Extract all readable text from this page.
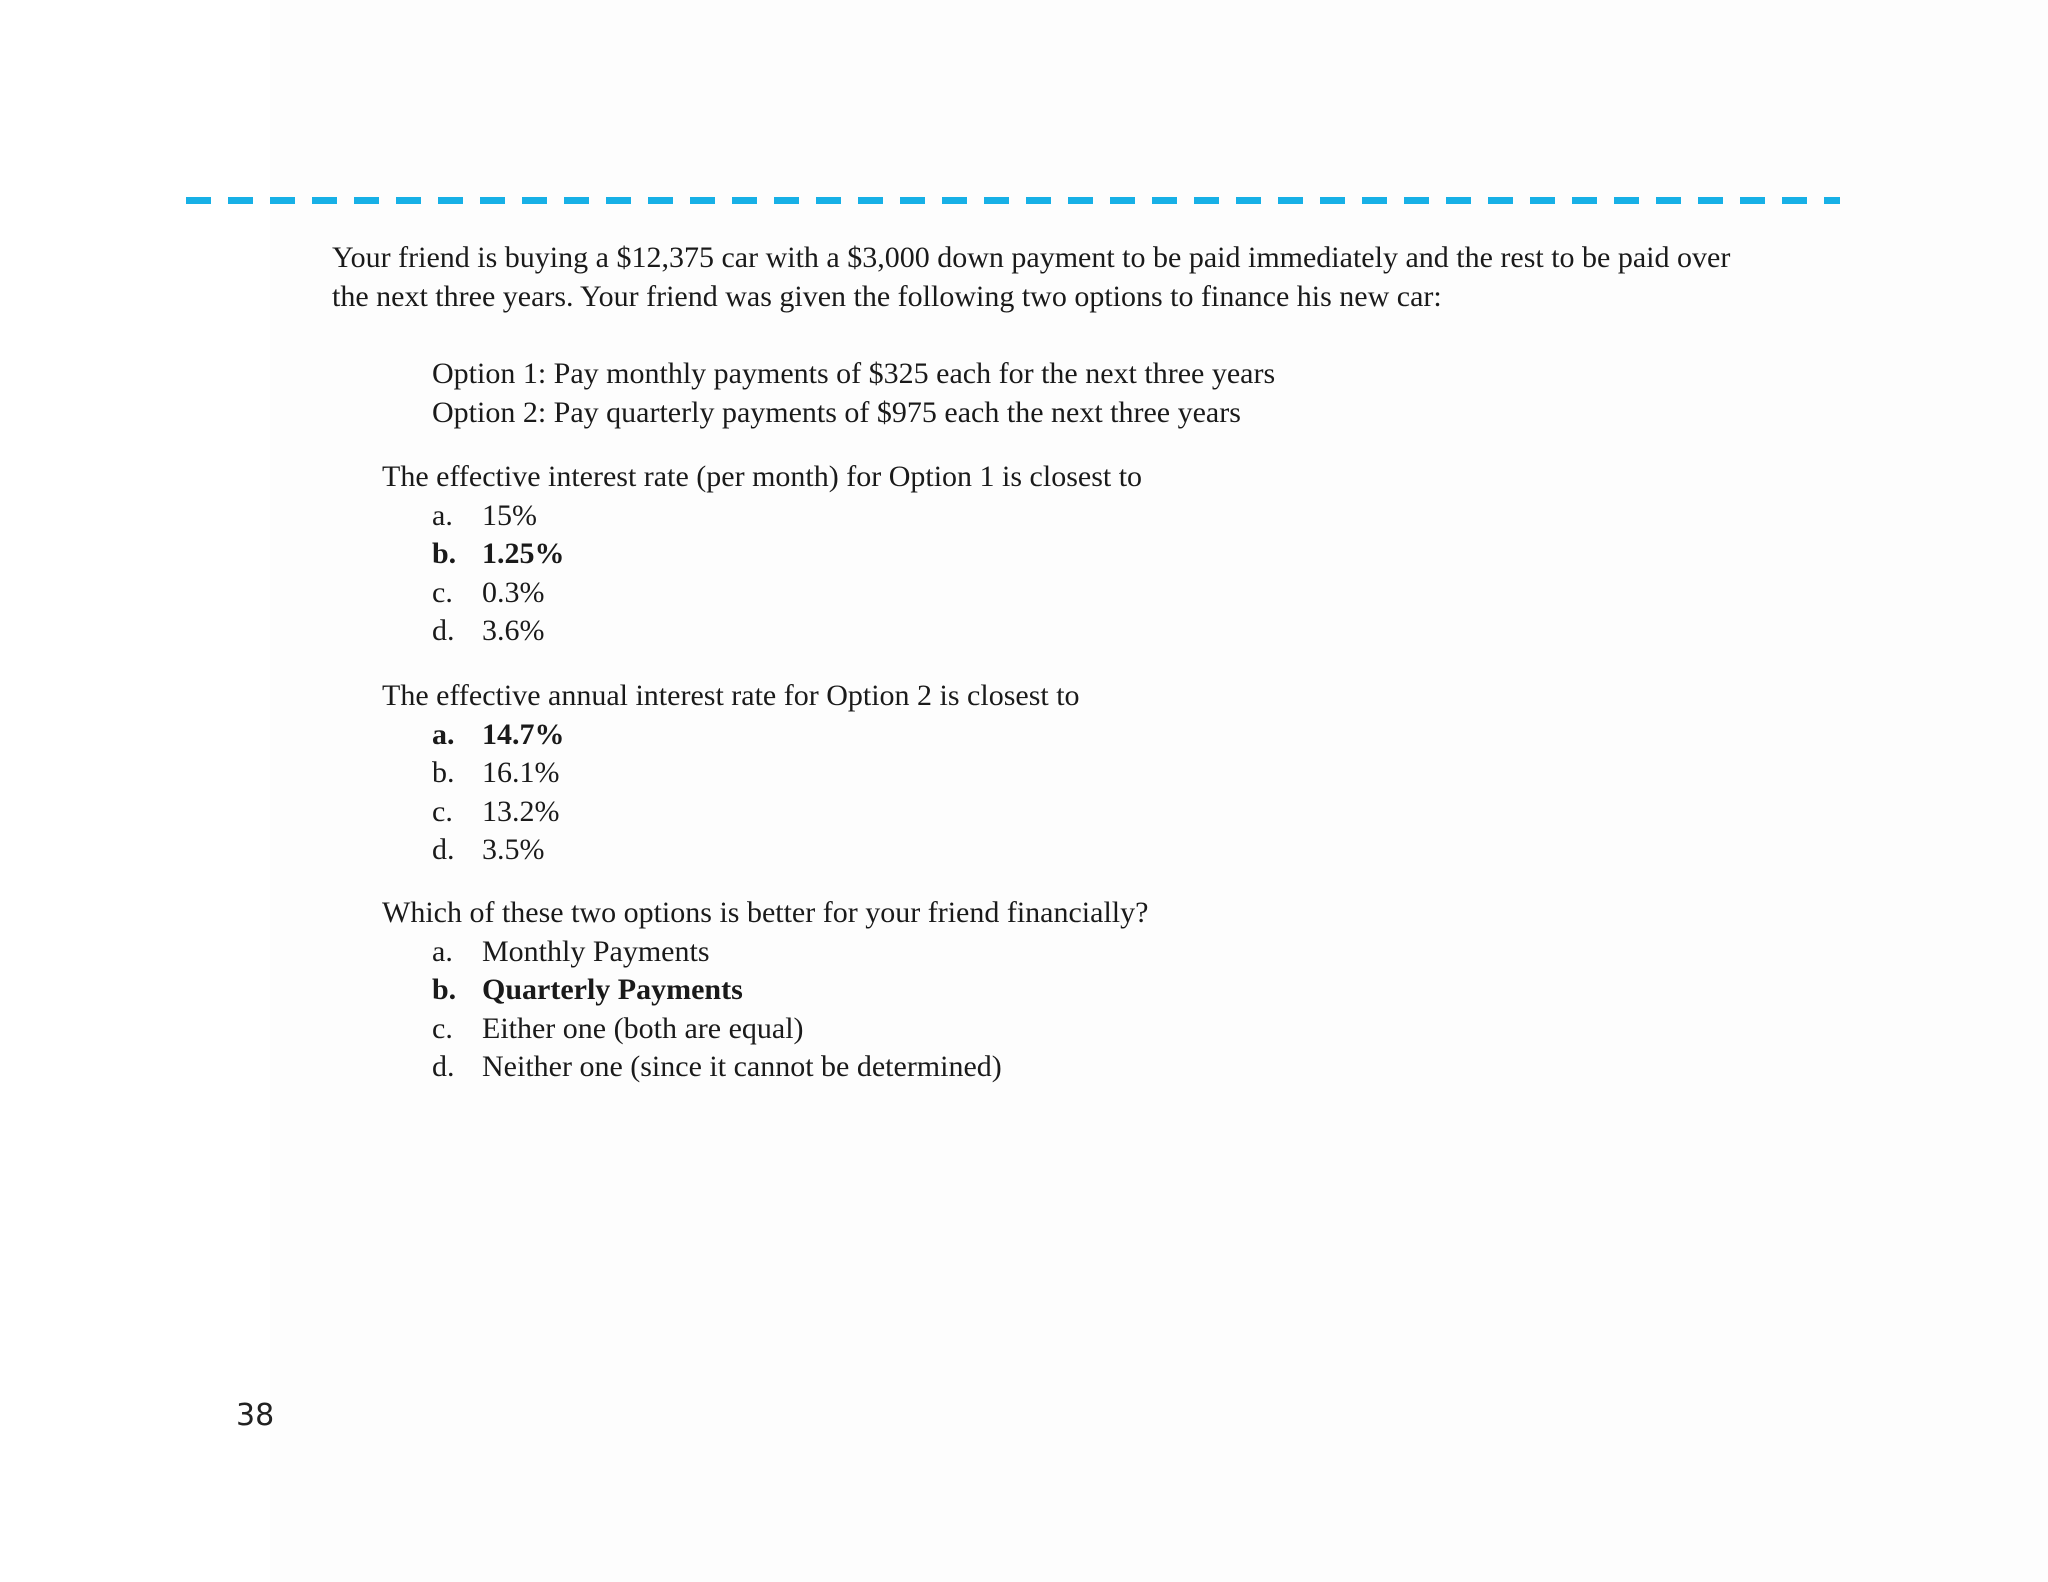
Your friend is buying a $12,375 car with a $3,000 down payment to be paid immediately and the rest to be paid over the next three years. Your friend was given the following two options to finance his new car:
Option 1: Pay monthly payments of $325 each for the next three years
Option 2: Pay quarterly payments of $975 each the next three years

The effective interest rate (per month) for Option 1 is closest to

a. 15%
b. 1.25%
c. 0.3%
d. 3.6%

The effective annual interest rate for Option 2 is closest to

a. 14.7%
b. 16.1%
c. 13.2%
d. 3.5%

Which of these two options is better for your friend financially?

a. Monthly Payments
b. Quarterly Payments
c. Either one (both are equal)
d. Neither one (since it cannot be determined)
38
